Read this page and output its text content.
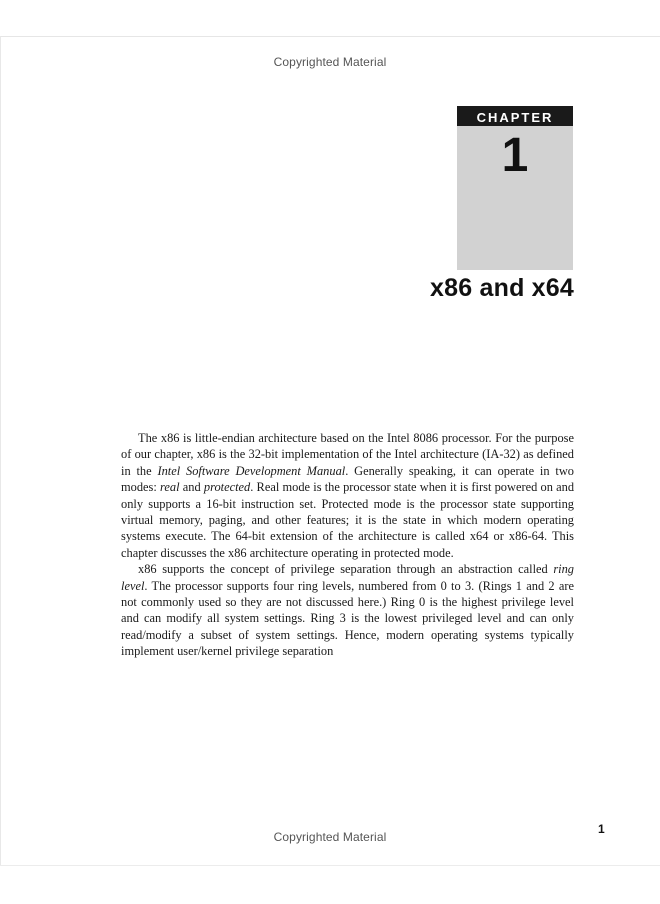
Copyrighted Material
CHAPTER
1
x86 and x64

The x86 is little-endian architecture based on the Intel 8086 processor. For the purpose of our chapter, x86 is the 32-bit implementation of the Intel architecture (IA-32) as defined in the Intel Software Development Manual. Generally speaking, it can operate in two modes: real and protected. Real mode is the processor state when it is first powered on and only supports a 16-bit instruction set. Protected mode is the processor state supporting virtual memory, paging, and other features; it is the state in which modern operating systems execute. The 64-bit extension of the architecture is called x64 or x86-64. This chapter discusses the x86 architecture operating in protected mode.

x86 supports the concept of privilege separation through an abstraction called ring level. The processor supports four ring levels, numbered from 0 to 3. (Rings 1 and 2 are not commonly used so they are not discussed here.) Ring 0 is the highest privilege level and can modify all system settings. Ring 3 is the lowest privileged level and can only read/modify a subset of system settings. Hence, modern operating systems typically implement user/kernel privilege separation

1
Copyrighted Material
